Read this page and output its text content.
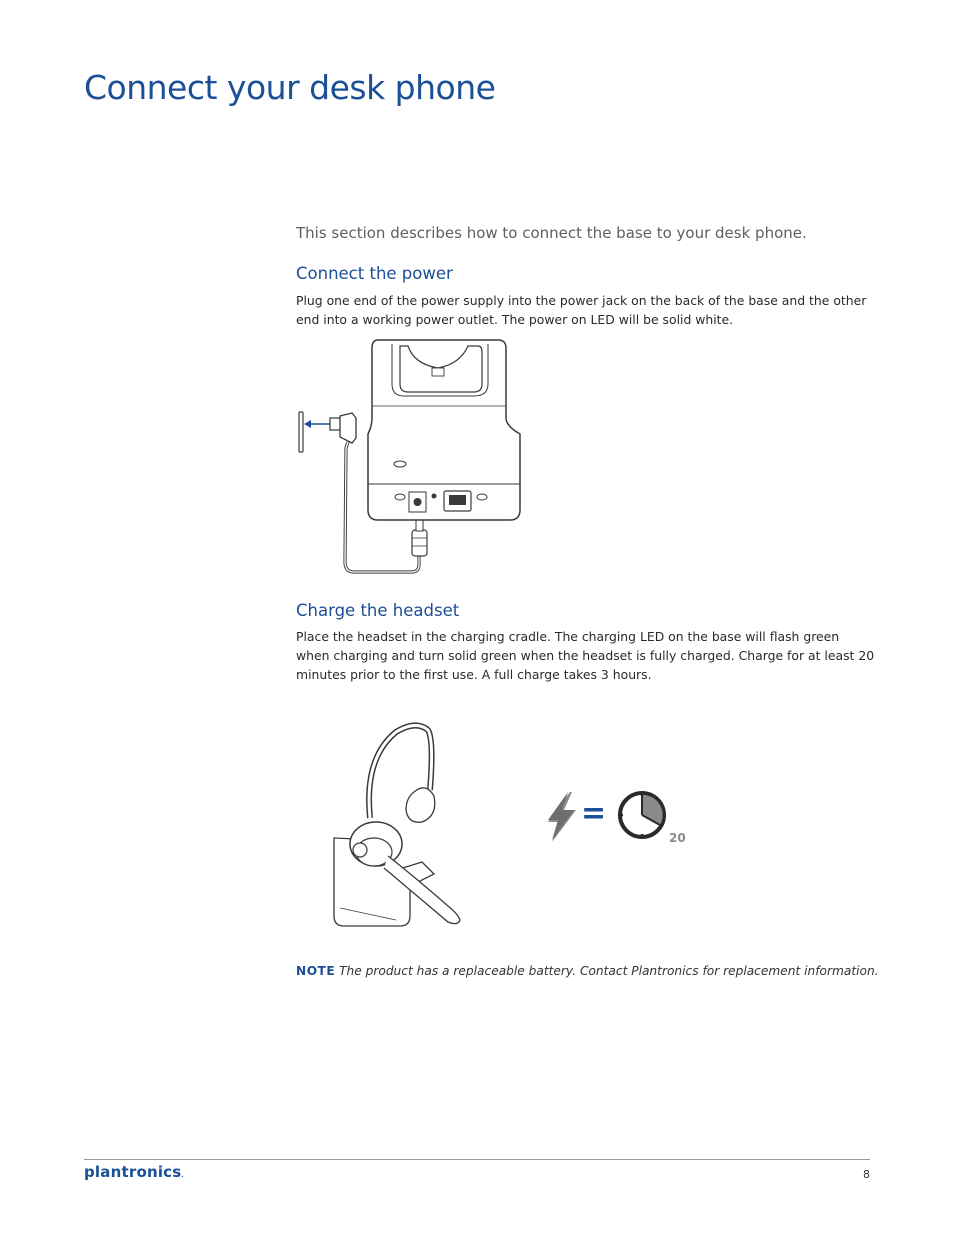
Connect your desk phone

This section describes how to connect the base to your desk phone.

Connect the power

Plug one end of the power supply into the power jack on the back of the base and the other end into a working power outlet. The power on LED will be solid white.

Charge the headset

Place the headset in the charging cradle. The charging LED on the base will flash green when charging and turn solid green when the headset is fully charged. Charge for at least 20 minutes prior to the first use. A full charge takes 3 hours.

=
20

NOTE The product has a replaceable battery. Contact Plantronics for replacement information.

plantronics.	8
